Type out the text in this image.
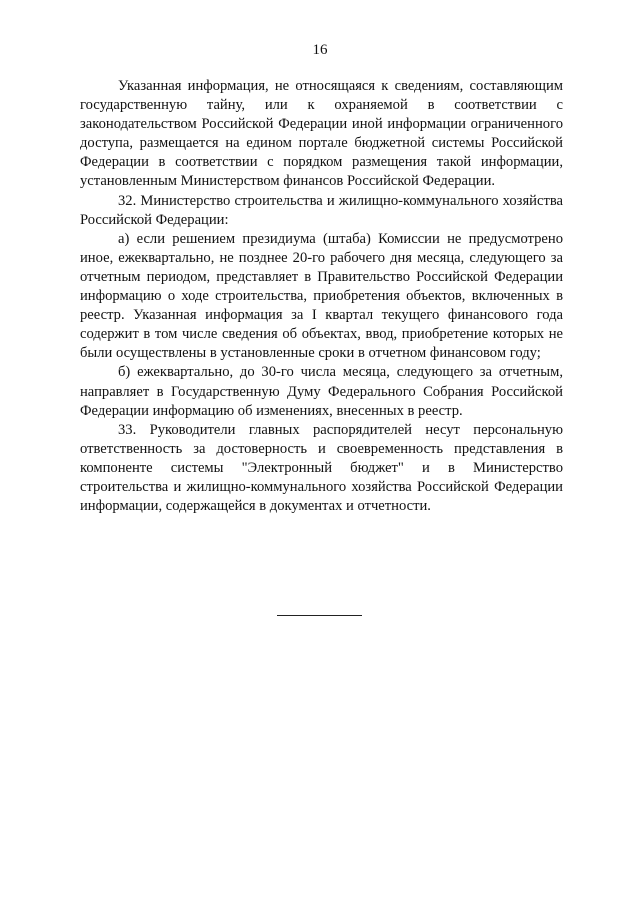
16

Указанная информация, не относящаяся к сведениям, составляющим государственную тайну, или к охраняемой в соответствии с законодательством Российской Федерации иной информации ограниченного доступа, размещается на едином портале бюджетной системы Российской Федерации в соответствии с порядком размещения такой информации, установленным Министерством финансов Российской Федерации.

32. Министерство строительства и жилищно-коммунального хозяйства Российской Федерации:

а) если решением президиума (штаба) Комиссии не предусмотрено иное, ежеквартально, не позднее 20-го рабочего дня месяца, следующего за отчетным периодом, представляет в Правительство Российской Федерации информацию о ходе строительства, приобретения объектов, включенных в реестр. Указанная информация за I квартал текущего финансового года содержит в том числе сведения об объектах, ввод, приобретение которых не были осуществлены в установленные сроки в отчетном финансовом году;

б) ежеквартально, до 30-го числа месяца, следующего за отчетным, направляет в Государственную Думу Федерального Собрания Российской Федерации информацию об изменениях, внесенных в реестр.

33. Руководители главных распорядителей несут персональную ответственность за достоверность и своевременность представления в компоненте системы "Электронный бюджет" и в Министерство строительства и жилищно-коммунального хозяйства Российской Федерации информации, содержащейся в документах и отчетности.
